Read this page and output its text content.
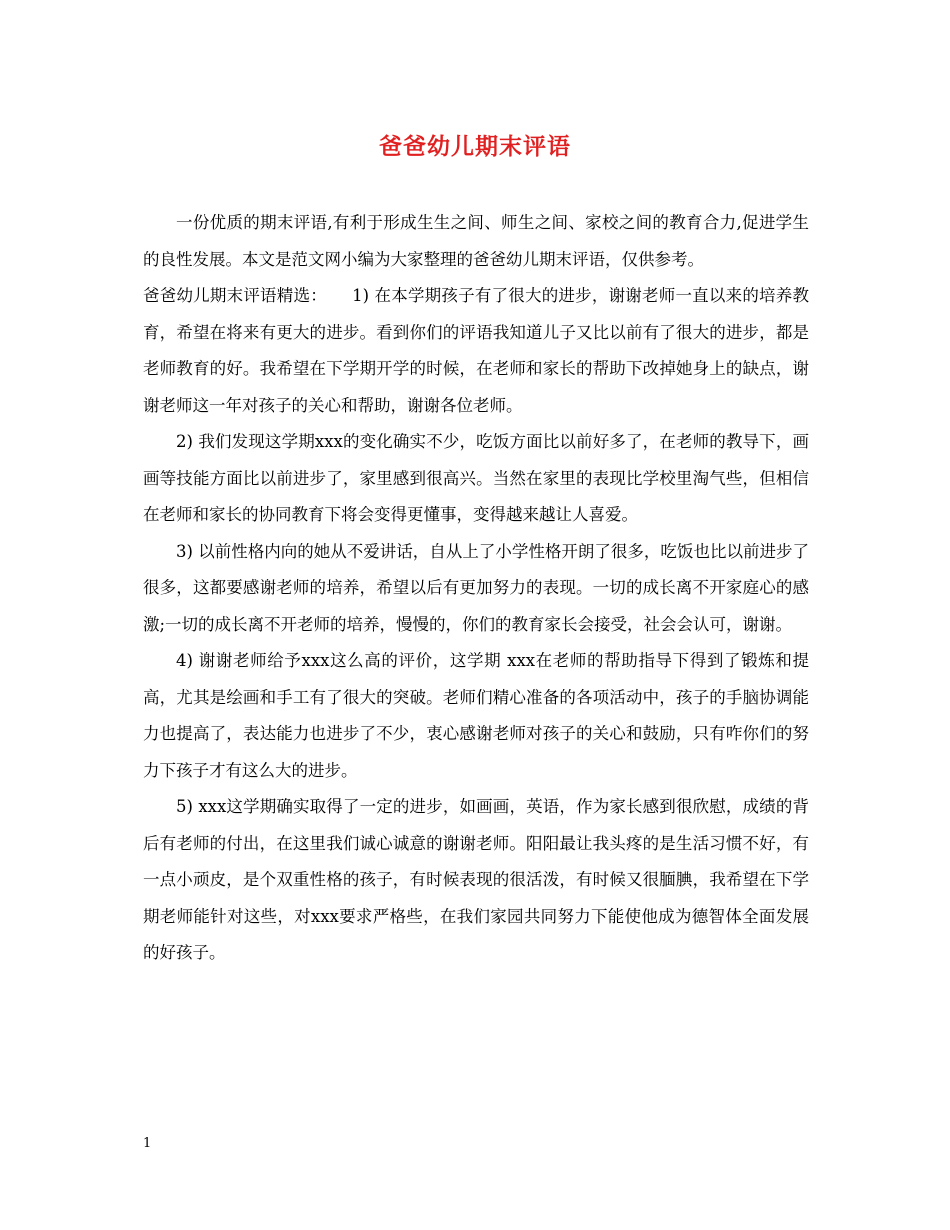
爸爸幼儿期末评语

一份优质的期末评语,有利于形成生生之间、师生之间、家校之间的教育合力,促进学生的良性发展。本文是范文网小编为大家整理的爸爸幼儿期末评语，仅供参考。

爸爸幼儿期末评语精选：　　1) 在本学期孩子有了很大的进步，谢谢老师一直以来的培养教育，希望在将来有更大的进步。看到你们的评语我知道儿子又比以前有了很大的进步，都是老师教育的好。我希望在下学期开学的时候，在老师和家长的帮助下改掉她身上的缺点，谢谢老师这一年对孩子的关心和帮助，谢谢各位老师。

2) 我们发现这学期xxx的变化确实不少，吃饭方面比以前好多了，在老师的教导下，画画等技能方面比以前进步了，家里感到很高兴。当然在家里的表现比学校里淘气些，但相信在老师和家长的协同教育下将会变得更懂事，变得越来越让人喜爱。

3) 以前性格内向的她从不爱讲话，自从上了小学性格开朗了很多，吃饭也比以前进步了很多，这都要感谢老师的培养，希望以后有更加努力的表现。一切的成长离不开家庭心的感激;一切的成长离不开老师的培养，慢慢的，你们的教育家长会接受，社会会认可，谢谢。

4) 谢谢老师给予xxx这么高的评价，这学期 xxx在老师的帮助指导下得到了锻炼和提高，尤其是绘画和手工有了很大的突破。老师们精心准备的各项活动中，孩子的手脑协调能力也提高了，表达能力也进步了不少，衷心感谢老师对孩子的关心和鼓励，只有咋你们的努力下孩子才有这么大的进步。

5) xxx这学期确实取得了一定的进步，如画画，英语，作为家长感到很欣慰，成绩的背后有老师的付出，在这里我们诚心诚意的谢谢老师。阳阳最让我头疼的是生活习惯不好，有一点小顽皮，是个双重性格的孩子，有时候表现的很活泼，有时候又很腼腆，我希望在下学期老师能针对这些，对xxx要求严格些，在我们家园共同努力下能使他成为德智体全面发展的好孩子。

1
